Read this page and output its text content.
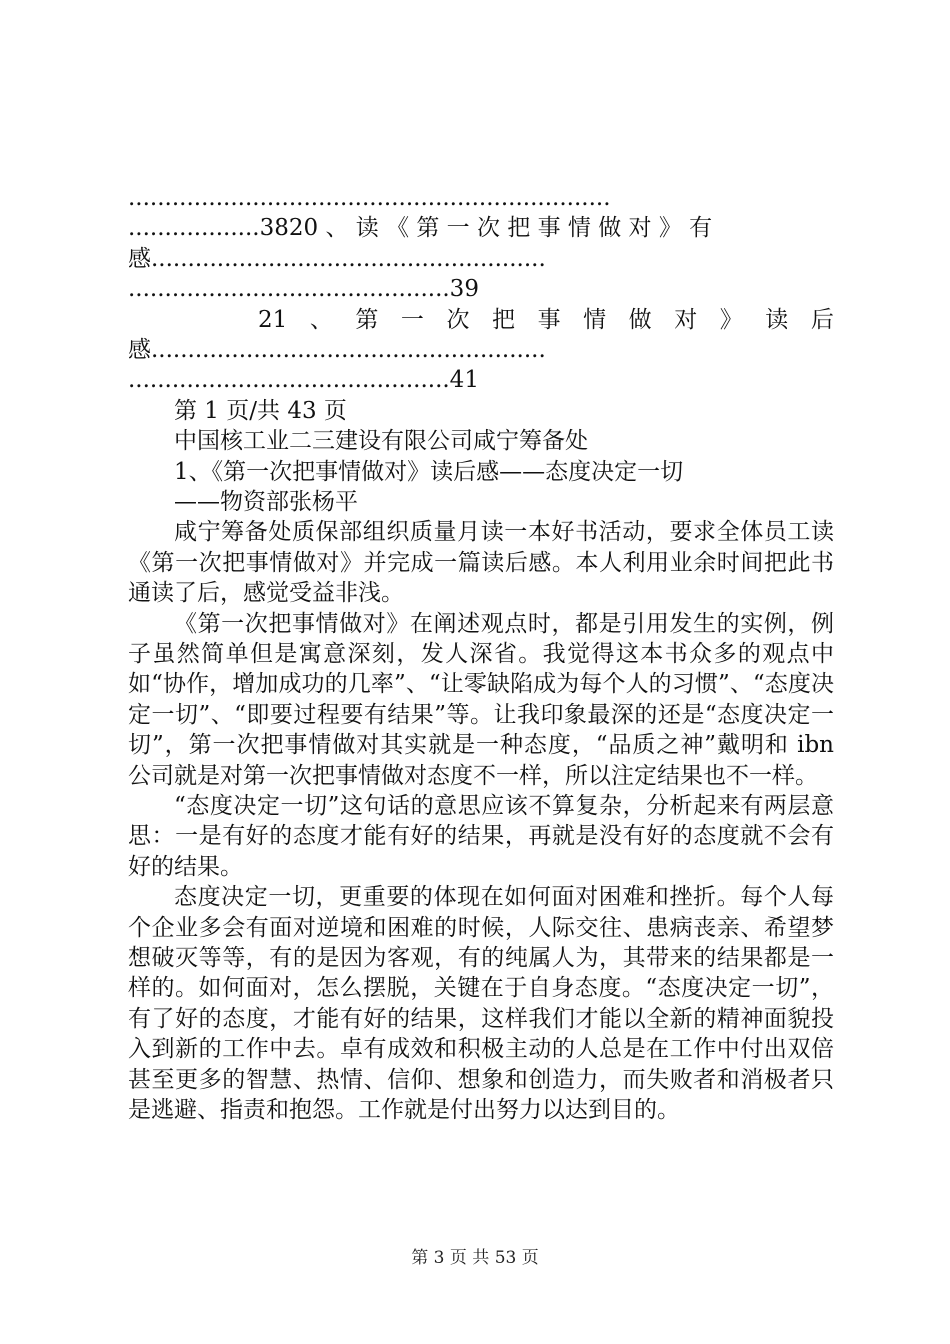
..................................................................
..................3820 、 读 《 第 一 次 把 事 情 做 对 》 有
感......................................................
............................................39
21 、 第 一 次 把 事 情 做 对 》 读 后
感......................................................
............................................41
第 1 页/共 43 页
中国核工业二三建设有限公司咸宁筹备处
1、《第一次把事情做对》读后感——态度决定一切
——物资部张杨平

咸宁筹备处质保部组织质量月读一本好书活动，要求全体员工读《第一次把事情做对》并完成一篇读后感。本人利用业余时间把此书通读了后，感觉受益非浅。

《第一次把事情做对》在阐述观点时，都是引用发生的实例，例子虽然简单但是寓意深刻，发人深省。我觉得这本书众多的观点中如“协作，增加成功的几率”、“让零缺陷成为每个人的习惯”、“态度决定一切”、“即要过程要有结果”等。让我印象最深的还是“态度决定一切”，第一次把事情做对其实就是一种态度，“品质之神”戴明和 ibn 公司就是对第一次把事情做对态度不一样，所以注定结果也不一样。

“态度决定一切”这句话的意思应该不算复杂，分析起来有两层意思：一是有好的态度才能有好的结果，再就是没有好的态度就不会有好的结果。

态度决定一切，更重要的体现在如何面对困难和挫折。每个人每个企业多会有面对逆境和困难的时候，人际交往、患病丧亲、希望梦想破灭等等，有的是因为客观，有的纯属人为，其带来的结果都是一样的。如何面对，怎么摆脱，关键在于自身态度。“态度决定一切”，有了好的态度，才能有好的结果，这样我们才能以全新的精神面貌投入到新的工作中去。卓有成效和积极主动的人总是在工作中付出双倍甚至更多的智慧、热情、信仰、想象和创造力，而失败者和消极者只是逃避、指责和抱怨。工作就是付出努力以达到目的。

第 3 页 共 53 页
